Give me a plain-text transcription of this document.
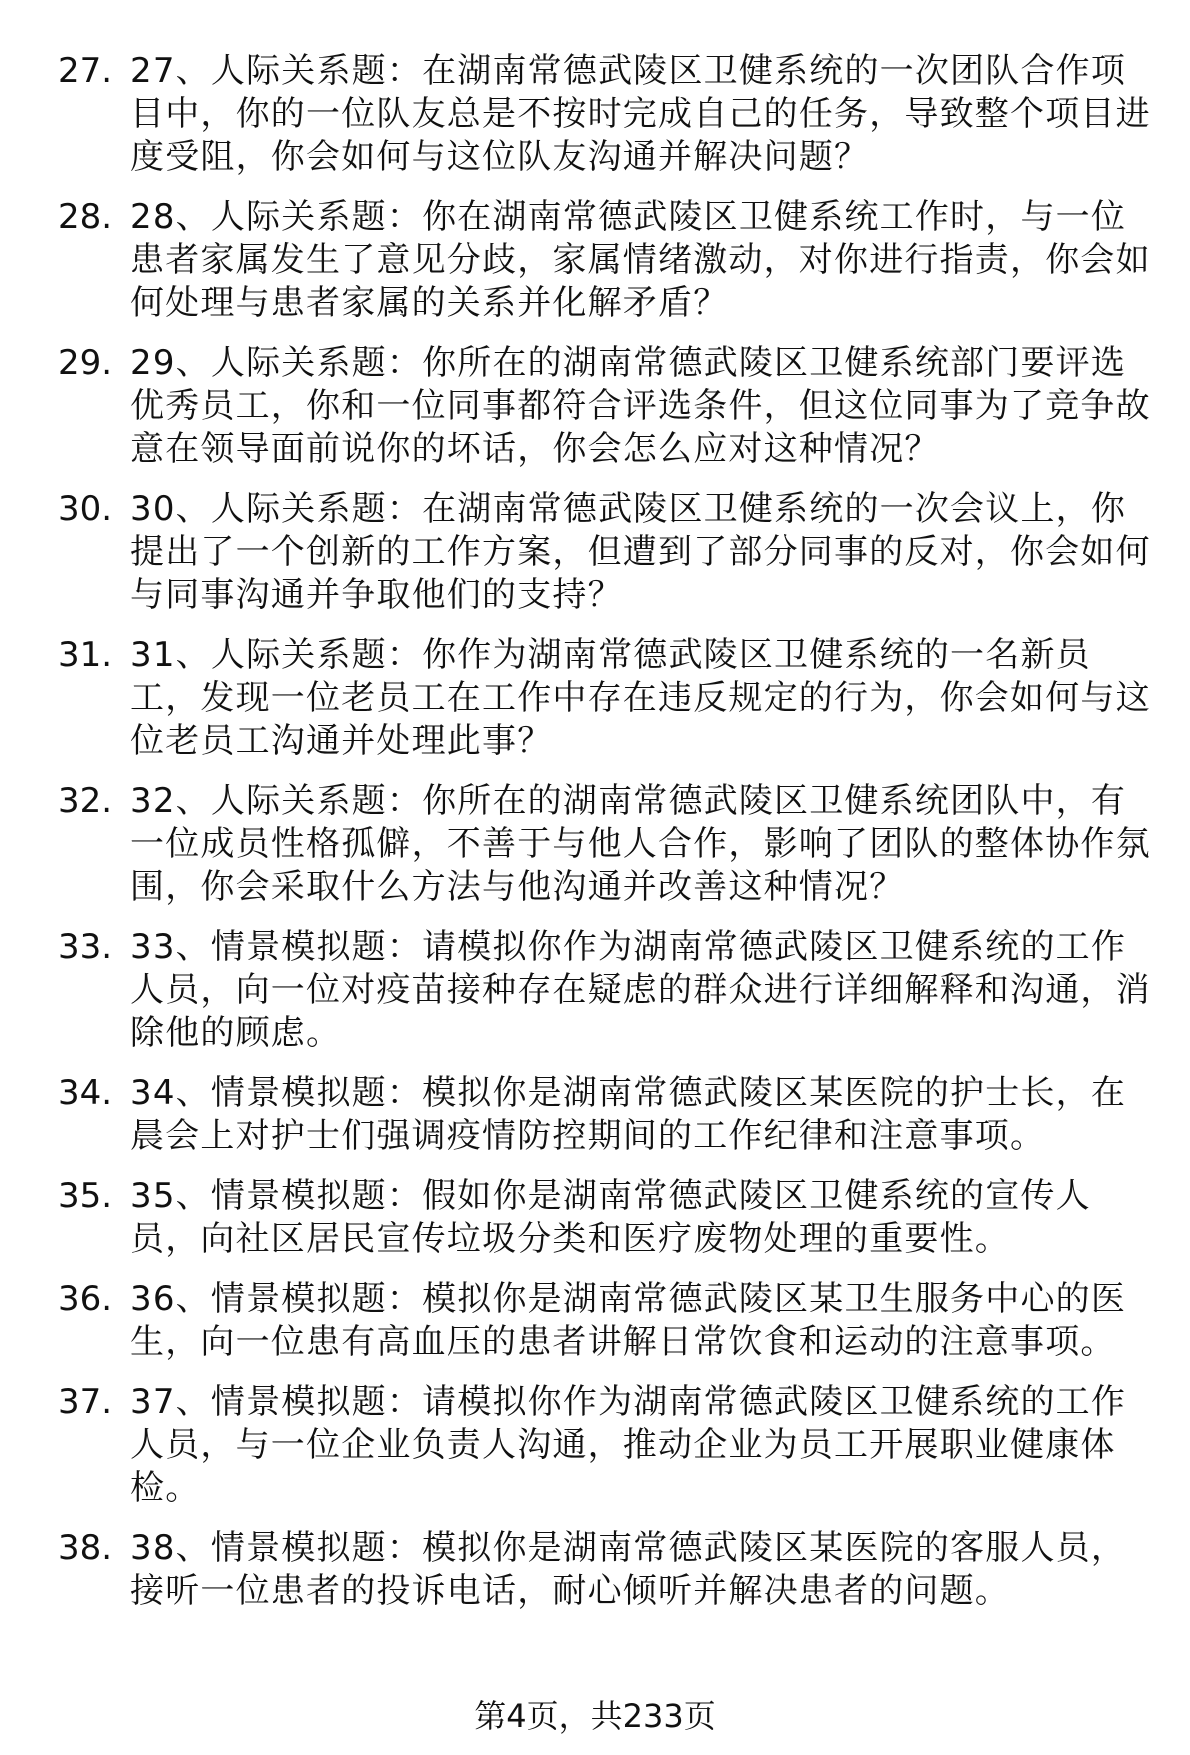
27. 27、人际关系题：在湖南常德武陵区卫健系统的一次团队合作项目中，你的一位队友总是不按时完成自己的任务，导致整个项目进度受阻，你会如何与这位队友沟通并解决问题？
28. 28、人际关系题：你在湖南常德武陵区卫健系统工作时，与一位患者家属发生了意见分歧，家属情绪激动，对你进行指责，你会如何处理与患者家属的关系并化解矛盾？
29. 29、人际关系题：你所在的湖南常德武陵区卫健系统部门要评选优秀员工，你和一位同事都符合评选条件，但这位同事为了竞争故意在领导面前说你的坏话，你会怎么应对这种情况？
30. 30、人际关系题：在湖南常德武陵区卫健系统的一次会议上，你提出了一个创新的工作方案，但遭到了部分同事的反对，你会如何与同事沟通并争取他们的支持？
31. 31、人际关系题：你作为湖南常德武陵区卫健系统的一名新员工，发现一位老员工在工作中存在违反规定的行为，你会如何与这位老员工沟通并处理此事？
32. 32、人际关系题：你所在的湖南常德武陵区卫健系统团队中，有一位成员性格孤僻，不善于与他人合作，影响了团队的整体协作氛围，你会采取什么方法与他沟通并改善这种情况？
33. 33、情景模拟题：请模拟你作为湖南常德武陵区卫健系统的工作人员，向一位对疫苗接种存在疑虑的群众进行详细解释和沟通，消除他的顾虑。
34. 34、情景模拟题：模拟你是湖南常德武陵区某医院的护士长，在晨会上对护士们强调疫情防控期间的工作纪律和注意事项。
35. 35、情景模拟题：假如你是湖南常德武陵区卫健系统的宣传人员，向社区居民宣传垃圾分类和医疗废物处理的重要性。
36. 36、情景模拟题：模拟你是湖南常德武陵区某卫生服务中心的医生，向一位患有高血压的患者讲解日常饮食和运动的注意事项。
37. 37、情景模拟题：请模拟你作为湖南常德武陵区卫健系统的工作人员，与一位企业负责人沟通，推动企业为员工开展职业健康体检。
38. 38、情景模拟题：模拟你是湖南常德武陵区某医院的客服人员，接听一位患者的投诉电话，耐心倾听并解决患者的问题。
第4页，共233页
